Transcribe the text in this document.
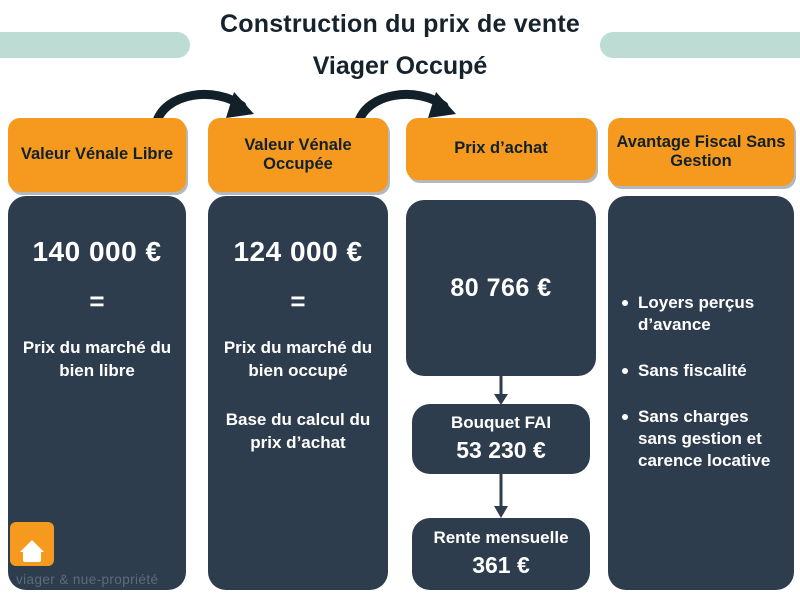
Construction du prix de vente
Viager Occupé
Valeur Vénale Libre
140 000 €
=
Prix du marché du bien libre
Valeur Vénale Occupée
124 000 €
=
Prix du marché du bien occupé
Base du calcul du prix d’achat
Prix d’achat
80 766 €
Bouquet FAI
53 230 €
Rente mensuelle
361 €
Avantage Fiscal Sans Gestion
Loyers perçus d’avance
Sans fiscalité
Sans charges sans gestion et carence locative
RENÉE
COSTES
viager & nue-propriété
